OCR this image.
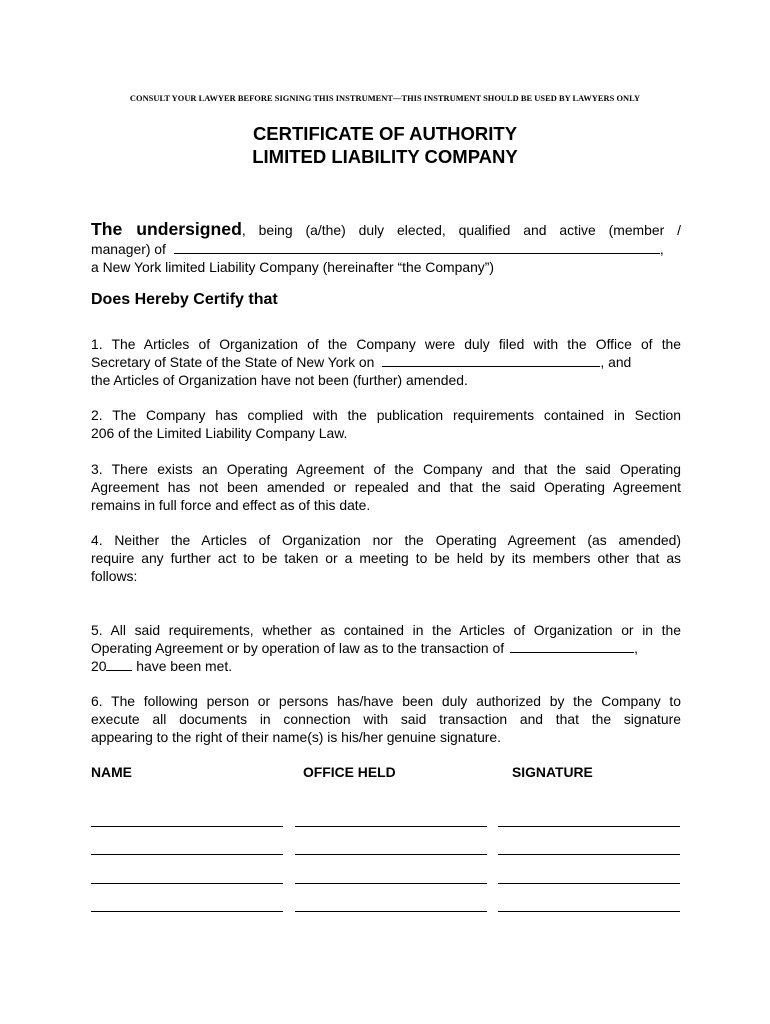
CONSULT YOUR LAWYER BEFORE SIGNING THIS INSTRUMENT—THIS INSTRUMENT SHOULD BE USED BY LAWYERS ONLY
CERTIFICATE OF AUTHORITY
LIMITED LIABILITY COMPANY
The undersigned, being (a/the) duly elected, qualified and active (member /
manager) of	,
a New York limited Liability Company (hereinafter “the Company”)
Does Hereby Certify that
1. The Articles of Organization of the Company were duly filed with the Office of the
Secretary of State of the State of New York on	, and
the Articles of Organization have not been (further) amended.
2. The Company has complied with the publication requirements contained in Section
206 of the Limited Liability Company Law.
3. There exists an Operating Agreement of the Company and that the said Operating
Agreement has not been amended or repealed and that the said Operating Agreement
remains in full force and effect as of this date.
4. Neither the Articles of Organization nor the Operating Agreement (as amended)
require any further act to be taken or a meeting to be held by its members other that as
follows:
5. All said requirements, whether as contained in the Articles of Organization or in the
Operating Agreement or by operation of law as to the transaction of	,
20 have been met.
6. The following person or persons has/have been duly authorized by the Company to
execute all documents in connection with said transaction and that the signature
appearing to the right of their name(s) is his/her genuine signature.
NAME	OFFICE HELD	SIGNATURE
